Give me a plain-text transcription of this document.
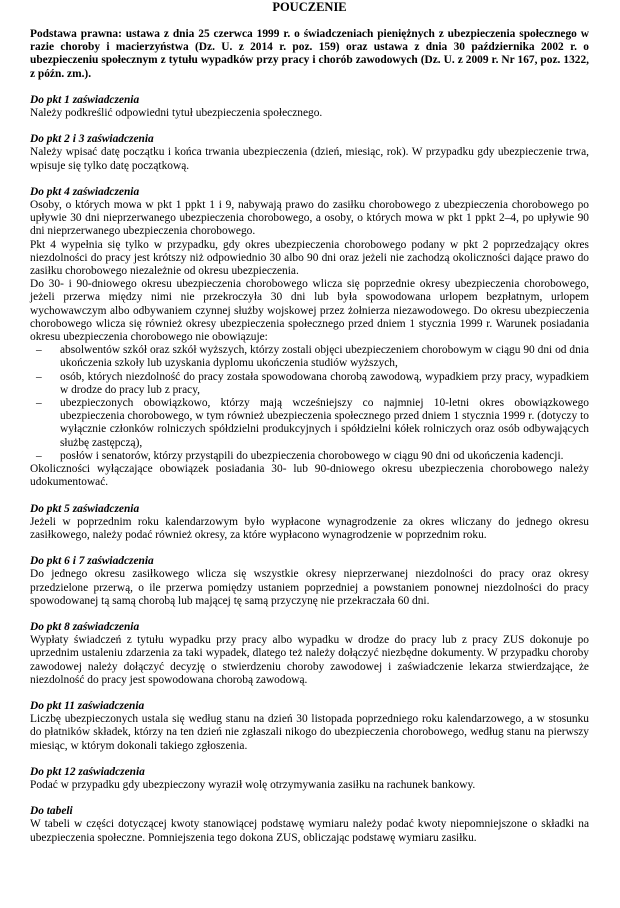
POUCZENIE

Podstawa prawna: ustawa z dnia 25 czerwca 1999 r. o świadczeniach pieniężnych z ubezpieczenia społecznego w razie choroby i macierzyństwa (Dz. U. z 2014 r. poz. 159) oraz ustawa z dnia 30 października 2002 r. o ubezpieczeniu społecznym z tytułu wypadków przy pracy i chorób zawodowych (Dz. U. z 2009 r. Nr 167, poz. 1322, z późn. zm.).

Do pkt 1 zaświadczenia

Należy podkreślić odpowiedni tytuł ubezpieczenia społecznego.

Do pkt 2 i 3 zaświadczenia

Należy wpisać datę początku i końca trwania ubezpieczenia (dzień, miesiąc, rok). W przypadku gdy ubezpieczenie trwa, wpisuje się tylko datę początkową.

Do pkt 4 zaświadczenia

Osoby, o których mowa w pkt 1 ppkt 1 i 9, nabywają prawo do zasiłku chorobowego z ubezpieczenia chorobowego po upływie 30 dni nieprzerwanego ubezpieczenia chorobowego, a osoby, o których mowa w pkt 1 ppkt 2–4, po upływie 90 dni nieprzerwanego ubezpieczenia chorobowego.

Pkt 4 wypełnia się tylko w przypadku, gdy okres ubezpieczenia chorobowego podany w pkt 2 poprzedzający okres niezdolności do pracy jest krótszy niż odpowiednio 30 albo 90 dni oraz jeżeli nie zachodzą okoliczności dające prawo do zasiłku chorobowego niezależnie od okresu ubezpieczenia.

Do 30- i 90-dniowego okresu ubezpieczenia chorobowego wlicza się poprzednie okresy ubezpieczenia chorobowego, jeżeli przerwa między nimi nie przekroczyła 30 dni lub była spowodowana urlopem bezpłatnym, urlopem wychowawczym albo odbywaniem czynnej służby wojskowej przez żołnierza niezawodowego. Do okresu ubezpieczenia chorobowego wlicza się również okresy ubezpieczenia społecznego przed dniem 1 stycznia 1999 r. Warunek posiadania okresu ubezpieczenia chorobowego nie obowiązuje:

– absolwentów szkół oraz szkół wyższych, którzy zostali objęci ubezpieczeniem chorobowym w ciągu 90 dni od dnia ukończenia szkoły lub uzyskania dyplomu ukończenia studiów wyższych,
– osób, których niezdolność do pracy została spowodowana chorobą zawodową, wypadkiem przy pracy, wypadkiem w drodze do pracy lub z pracy,
– ubezpieczonych obowiązkowo, którzy mają wcześniejszy co najmniej 10-letni okres obowiązkowego ubezpieczenia chorobowego, w tym również ubezpieczenia społecznego przed dniem 1 stycznia 1999 r. (dotyczy to wyłącznie członków rolniczych spółdzielni produkcyjnych i spółdzielni kółek rolniczych oraz osób odbywających służbę zastępczą),
– posłów i senatorów, którzy przystąpili do ubezpieczenia chorobowego w ciągu 90 dni od ukończenia kadencji.

Okoliczności wyłączające obowiązek posiadania 30- lub 90-dniowego okresu ubezpieczenia chorobowego należy udokumentować.

Do pkt 5 zaświadczenia

Jeżeli w poprzednim roku kalendarzowym było wypłacone wynagrodzenie za okres wliczany do jednego okresu zasiłkowego, należy podać również okresy, za które wypłacono wynagrodzenie w poprzednim roku.

Do pkt 6 i 7 zaświadczenia

Do jednego okresu zasiłkowego wlicza się wszystkie okresy nieprzerwanej niezdolności do pracy oraz okresy przedzielone przerwą, o ile przerwa pomiędzy ustaniem poprzedniej a powstaniem ponownej niezdolności do pracy spowodowanej tą samą chorobą lub mającej tę samą przyczynę nie przekraczała 60 dni.

Do pkt 8 zaświadczenia

Wypłaty świadczeń z tytułu wypadku przy pracy albo wypadku w drodze do pracy lub z pracy ZUS dokonuje po uprzednim ustaleniu zdarzenia za taki wypadek, dlatego też należy dołączyć niezbędne dokumenty. W przypadku choroby zawodowej należy dołączyć decyzję o stwierdzeniu choroby zawodowej i zaświadczenie lekarza stwierdzające, że niezdolność do pracy jest spowodowana chorobą zawodową.

Do pkt 11 zaświadczenia

Liczbę ubezpieczonych ustala się według stanu na dzień 30 listopada poprzedniego roku kalendarzowego, a w stosunku do płatników składek, którzy na ten dzień nie zgłaszali nikogo do ubezpieczenia chorobowego, według stanu na pierwszy miesiąc, w którym dokonali takiego zgłoszenia.

Do pkt 12 zaświadczenia

Podać w przypadku gdy ubezpieczony wyraził wolę otrzymywania zasiłku na rachunek bankowy.

Do tabeli

W tabeli w części dotyczącej kwoty stanowiącej podstawę wymiaru należy podać kwoty niepomniejszone o składki na ubezpieczenia społeczne. Pomniejszenia tego dokona ZUS, obliczając podstawę wymiaru zasiłku.
